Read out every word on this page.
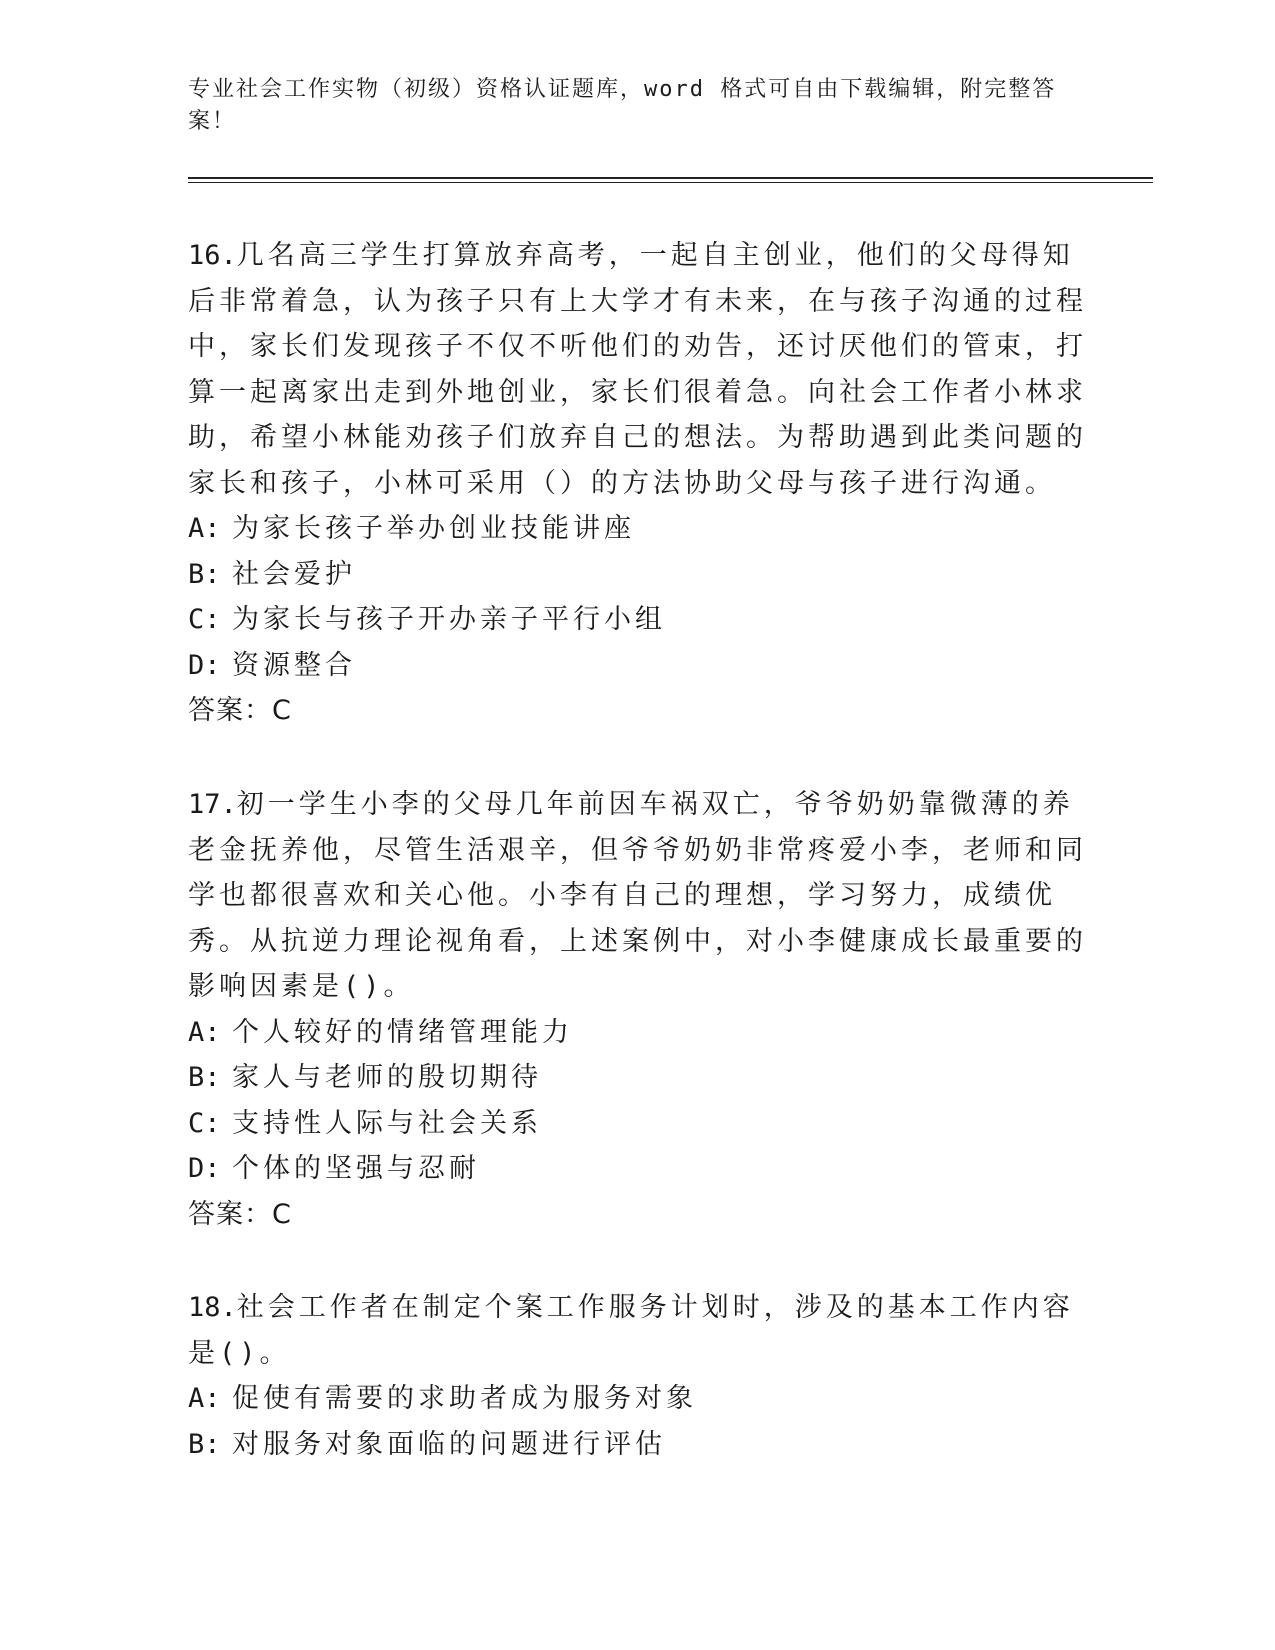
专业社会工作实物（初级）资格认证题库，word 格式可自由下载编辑，附完整答案！

16.几名高三学生打算放弃高考，一起自主创业，他们的父母得知后非常着急，认为孩子只有上大学才有未来，在与孩子沟通的过程中，家长们发现孩子不仅不听他们的劝告，还讨厌他们的管束，打算一起离家出走到外地创业，家长们很着急。向社会工作者小林求助，希望小林能劝孩子们放弃自己的想法。为帮助遇到此类问题的家长和孩子，小林可采用（）的方法协助父母与孩子进行沟通。

A: 为家长孩子举办创业技能讲座

B: 社会爱护

C: 为家长与孩子开办亲子平行小组

D: 资源整合

答案：C

17.初一学生小李的父母几年前因车祸双亡，爷爷奶奶靠微薄的养老金抚养他，尽管生活艰辛，但爷爷奶奶非常疼爱小李，老师和同学也都很喜欢和关心他。小李有自己的理想，学习努力，成绩优秀。从抗逆力理论视角看，上述案例中，对小李健康成长最重要的影响因素是()。

A: 个人较好的情绪管理能力

B: 家人与老师的殷切期待

C: 支持性人际与社会关系

D: 个体的坚强与忍耐

答案：C

18.社会工作者在制定个案工作服务计划时，涉及的基本工作内容是()。

A: 促使有需要的求助者成为服务对象

B: 对服务对象面临的问题进行评估
